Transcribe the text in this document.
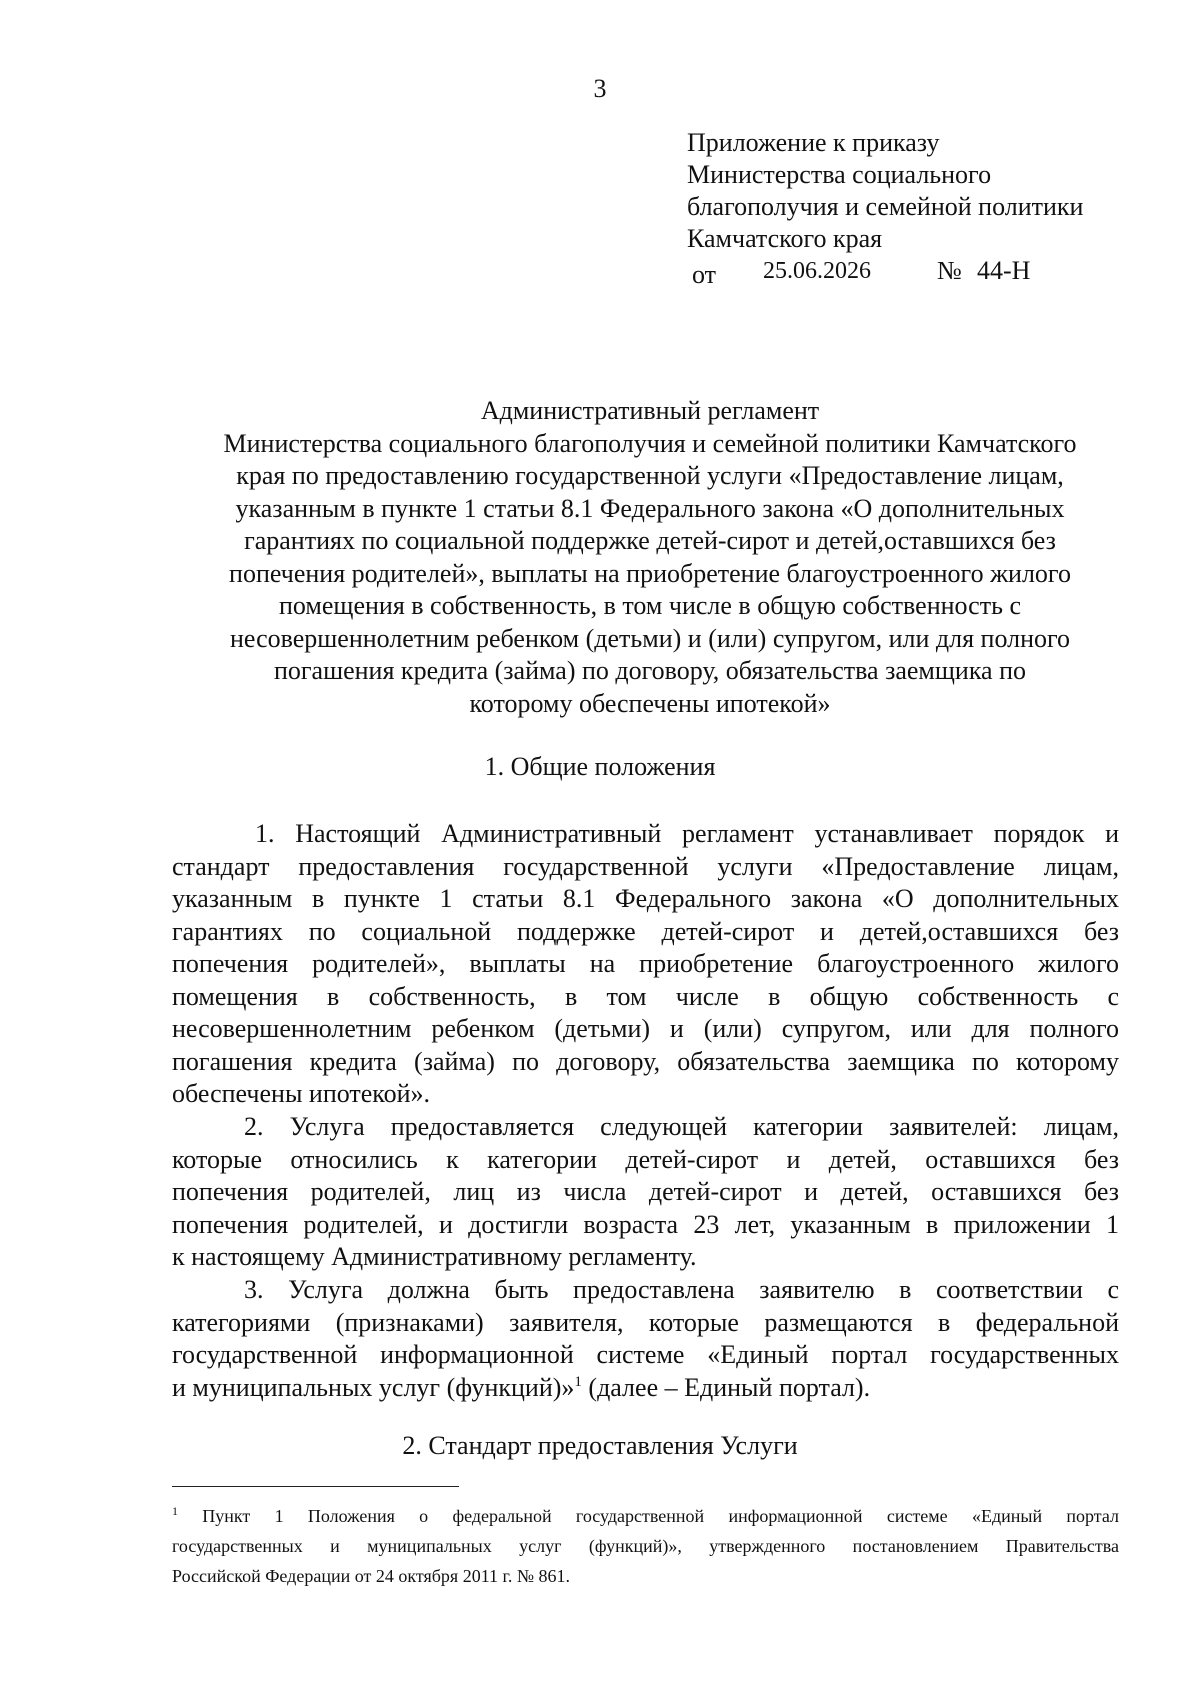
3
Приложение к приказу
Министерства социального
благополучия и семейной политики
Камчатского края
от 25.06.2026	№ 44-Н
Административный регламент
Министерства социального благополучия и семейной политики Камчатского
края по предоставлению государственной услуги «Предоставление лицам,
указанным в пункте 1 статьи 8.1 Федерального закона «О дополнительных
гарантиях по социальной поддержке детей-сирот и детей,оставшихся без
попечения родителей», выплаты на приобретение благоустроенного жилого
помещения в собственность, в том числе в общую собственность с
несовершеннолетним ребенком (детьми) и (или) супругом, или для полного
погашения кредита (займа) по договору, обязательства заемщика по
которому обеспечены ипотекой»
1. Общие положения
1. Настоящий Административный регламент устанавливает порядок и
стандарт предоставления государственной услуги «Предоставление лицам,
указанным в пункте 1 статьи 8.1 Федерального закона «О дополнительных
гарантиях по социальной поддержке детей-сирот и детей,оставшихся без
попечения родителей», выплаты на приобретение благоустроенного жилого
помещения в собственность, в том числе в общую собственность с
несовершеннолетним ребенком (детьми) и (или) супругом, или для полного
погашения кредита (займа) по договору, обязательства заемщика по которому
обеспечены ипотекой».
2. Услуга предоставляется следующей категории заявителей: лицам,
которые относились к категории детей-сирот и детей, оставшихся без
попечения родителей, лиц из числа детей-сирот и детей, оставшихся без
попечения родителей, и достигли возраста 23 лет, указанным в приложении 1
к настоящему Административному регламенту.
3. Услуга должна быть предоставлена заявителю в соответствии с
категориями (признаками) заявителя, которые размещаются в федеральной
государственной информационной системе «Единый портал государственных
и муниципальных услуг (функций)»$^1$ (далее – Единый портал).
2. Стандарт предоставления Услуги
$^1$ Пункт 1 Положения о федеральной государственной информационной системе «Единый портал
государственных и муниципальных услуг (функций)», утвержденного постановлением Правительства
Российской Федерации от 24 октября 2011 г. № 861.
